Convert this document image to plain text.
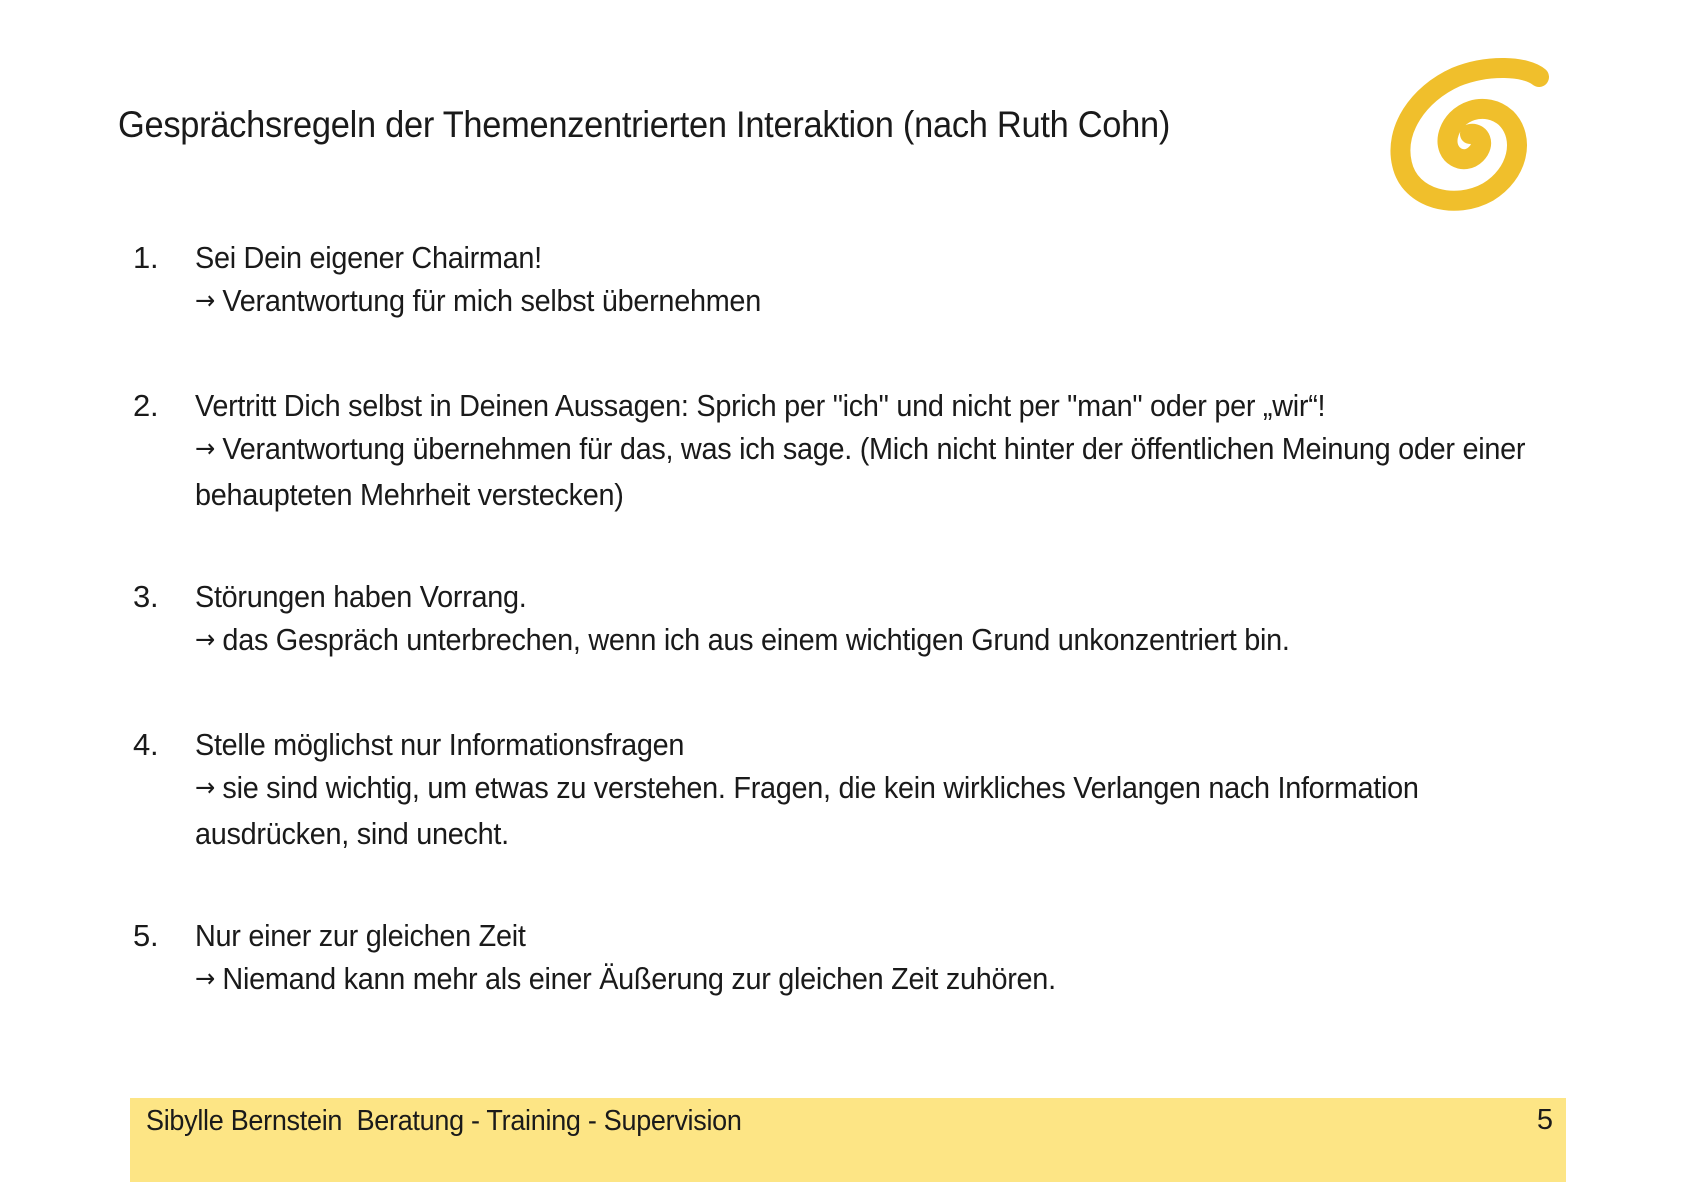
Gesprächsregeln der Themenzentrierten Interaktion (nach Ruth Cohn)
1. Sei Dein eigener Chairman!
→ Verantwortung für mich selbst übernehmen
2. Vertritt Dich selbst in Deinen Aussagen: Sprich per "ich" und nicht per "man" oder per „wir“!
→ Verantwortung übernehmen für das, was ich sage. (Mich nicht hinter der öffentlichen Meinung oder einer behaupteten Mehrheit verstecken)
3. Störungen haben Vorrang.
→ das Gespräch unterbrechen, wenn ich aus einem wichtigen Grund unkonzentriert bin.
4. Stelle möglichst nur Informationsfragen
→ sie sind wichtig, um etwas zu verstehen. Fragen, die kein wirkliches Verlangen nach Information ausdrücken, sind unecht.
5. Nur einer zur gleichen Zeit
→ Niemand kann mehr als einer Äußerung zur gleichen Zeit zuhören.
Sibylle Bernstein  Beratung - Training - Supervision	5
